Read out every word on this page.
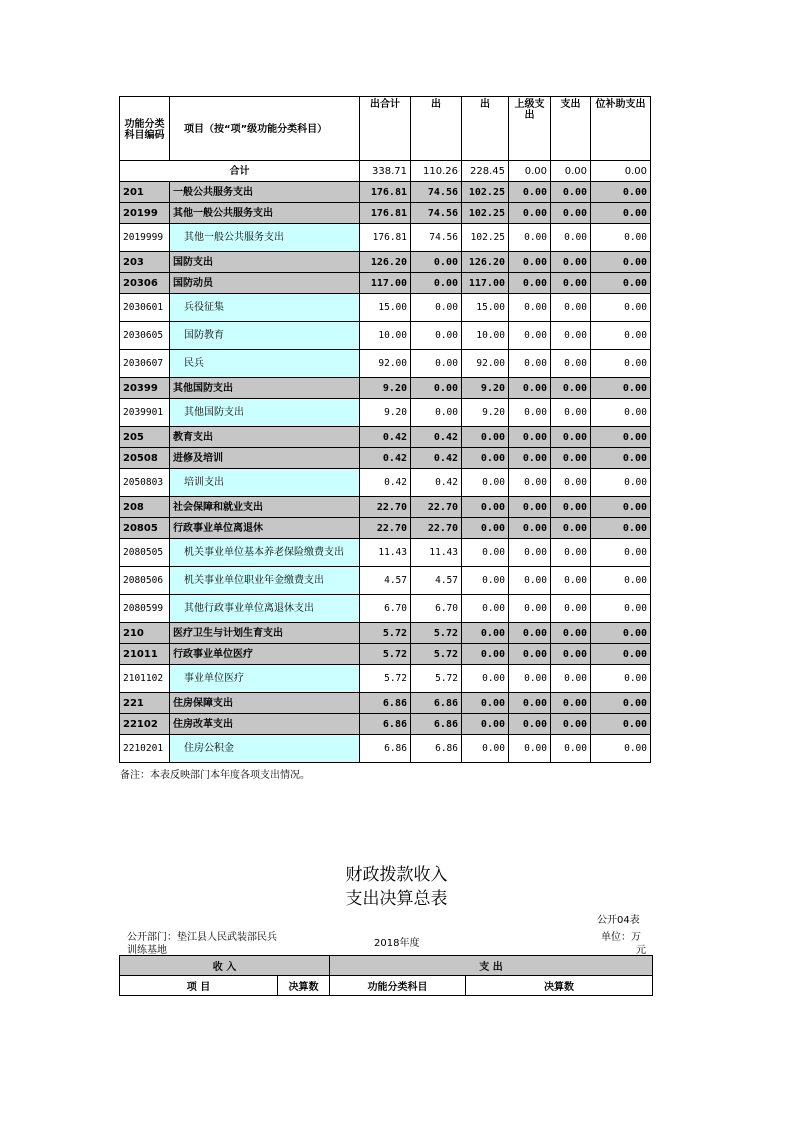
功能分类科目编码	项目（按“项”级功能分类科目）	出合计	出	出	上级支出	支出	位补助支出
合计		338.71	110.26	228.45	0.00	0.00	0.00
201	一般公共服务支出	176.81	74.56	102.25	0.00	0.00	0.00
20199	其他一般公共服务支出	176.81	74.56	102.25	0.00	0.00	0.00
2019999	其他一般公共服务支出	176.81	74.56	102.25	0.00	0.00	0.00
203	国防支出	126.20	0.00	126.20	0.00	0.00	0.00
20306	国防动员	117.00	0.00	117.00	0.00	0.00	0.00
2030601	兵役征集	15.00	0.00	15.00	0.00	0.00	0.00
2030605	国防教育	10.00	0.00	10.00	0.00	0.00	0.00
2030607	民兵	92.00	0.00	92.00	0.00	0.00	0.00
20399	其他国防支出	9.20	0.00	9.20	0.00	0.00	0.00
2039901	其他国防支出	9.20	0.00	9.20	0.00	0.00	0.00
205	教育支出	0.42	0.42	0.00	0.00	0.00	0.00
20508	进修及培训	0.42	0.42	0.00	0.00	0.00	0.00
2050803	培训支出	0.42	0.42	0.00	0.00	0.00	0.00
208	社会保障和就业支出	22.70	22.70	0.00	0.00	0.00	0.00
20805	行政事业单位离退休	22.70	22.70	0.00	0.00	0.00	0.00
2080505	机关事业单位基本养老保险缴费支出	11.43	11.43	0.00	0.00	0.00	0.00
2080506	机关事业单位职业年金缴费支出	4.57	4.57	0.00	0.00	0.00	0.00
2080599	其他行政事业单位离退休支出	6.70	6.70	0.00	0.00	0.00	0.00
210	医疗卫生与计划生育支出	5.72	5.72	0.00	0.00	0.00	0.00
21011	行政事业单位医疗	5.72	5.72	0.00	0.00	0.00	0.00
2101102	事业单位医疗	5.72	5.72	0.00	0.00	0.00	0.00
221	住房保障支出	6.86	6.86	0.00	0.00	0.00	0.00
22102	住房改革支出	6.86	6.86	0.00	0.00	0.00	0.00
2210201	住房公积金	6.86	6.86	0.00	0.00	0.00	0.00
备注：本表反映部门本年度各项支出情况。
财政拨款收入
支出决算总表
公开04表
公开部门：垫江县人民武装部民兵
训练基地
2018年度
单位：万
元
收 入		支 出	
项 目	决算数	功能分类科目	决算数
